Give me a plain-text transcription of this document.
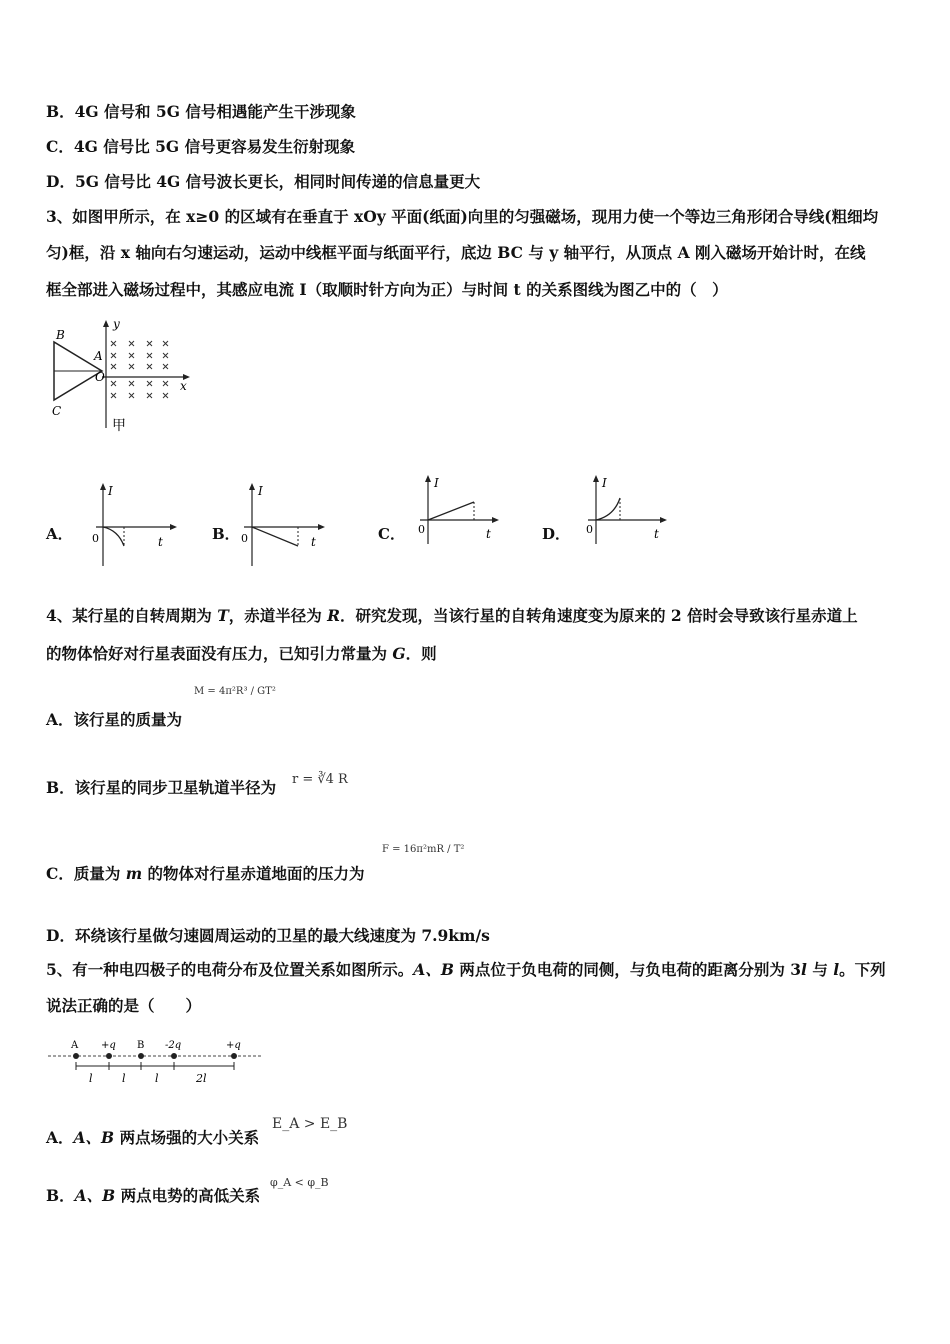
B．4G 信号和 5G 信号相遇能产生干涉现象
C．4G 信号比 5G 信号更容易发生衍射现象
D．5G 信号比 4G 信号波长更长，相同时间传递的信息量更大
3、如图甲所示，在 x≥0 的区域有在垂直于 xOy 平面(纸面)向里的匀强磁场，现用力使一个等边三角形闭合导线(粗细均
匀)框，沿 x 轴向右匀速运动，运动中线框平面与纸面平行，底边 BC 与 y 轴平行，从顶点 A 刚入磁场开始计时，在线
框全部进入磁场过程中，其感应电流 I（取顺时针方向为正）与时间 t 的关系图线为图乙中的（　）
B
A
C
O
x
y
甲
A．
I
0	t	B．
I
0	t	C．
I
0	t	D．
I
0	t
4、某行星的自转周期为 T，赤道半径为 R．研究发现，当该行星的自转角速度变为原来的 2 倍时会导致该行星赤道上
的物体恰好对行星表面没有压力，已知引力常量为 G．则
A．该行星的质量为
M = 4π²R³ / GT²
B．该行星的同步卫星轨道半径为 r = ∛4 R
C．质量为 m 的物体对行星赤道地面的压力为
F = 16π²mR / T²
D．环绕该行星做匀速圆周运动的卫星的最大线速度为 7.9km/s
5、有一种电四极子的电荷分布及位置关系如图所示。A、B 两点位于负电荷的同侧，与负电荷的距离分别为 3l 与 l。下列
说法正确的是（　　）
A +q B -2q	+q
l	l	l	2l
A．A、B 两点场强的大小关系
E_A > E_B
B．A、B 两点电势的高低关系
φ_A < φ_B
